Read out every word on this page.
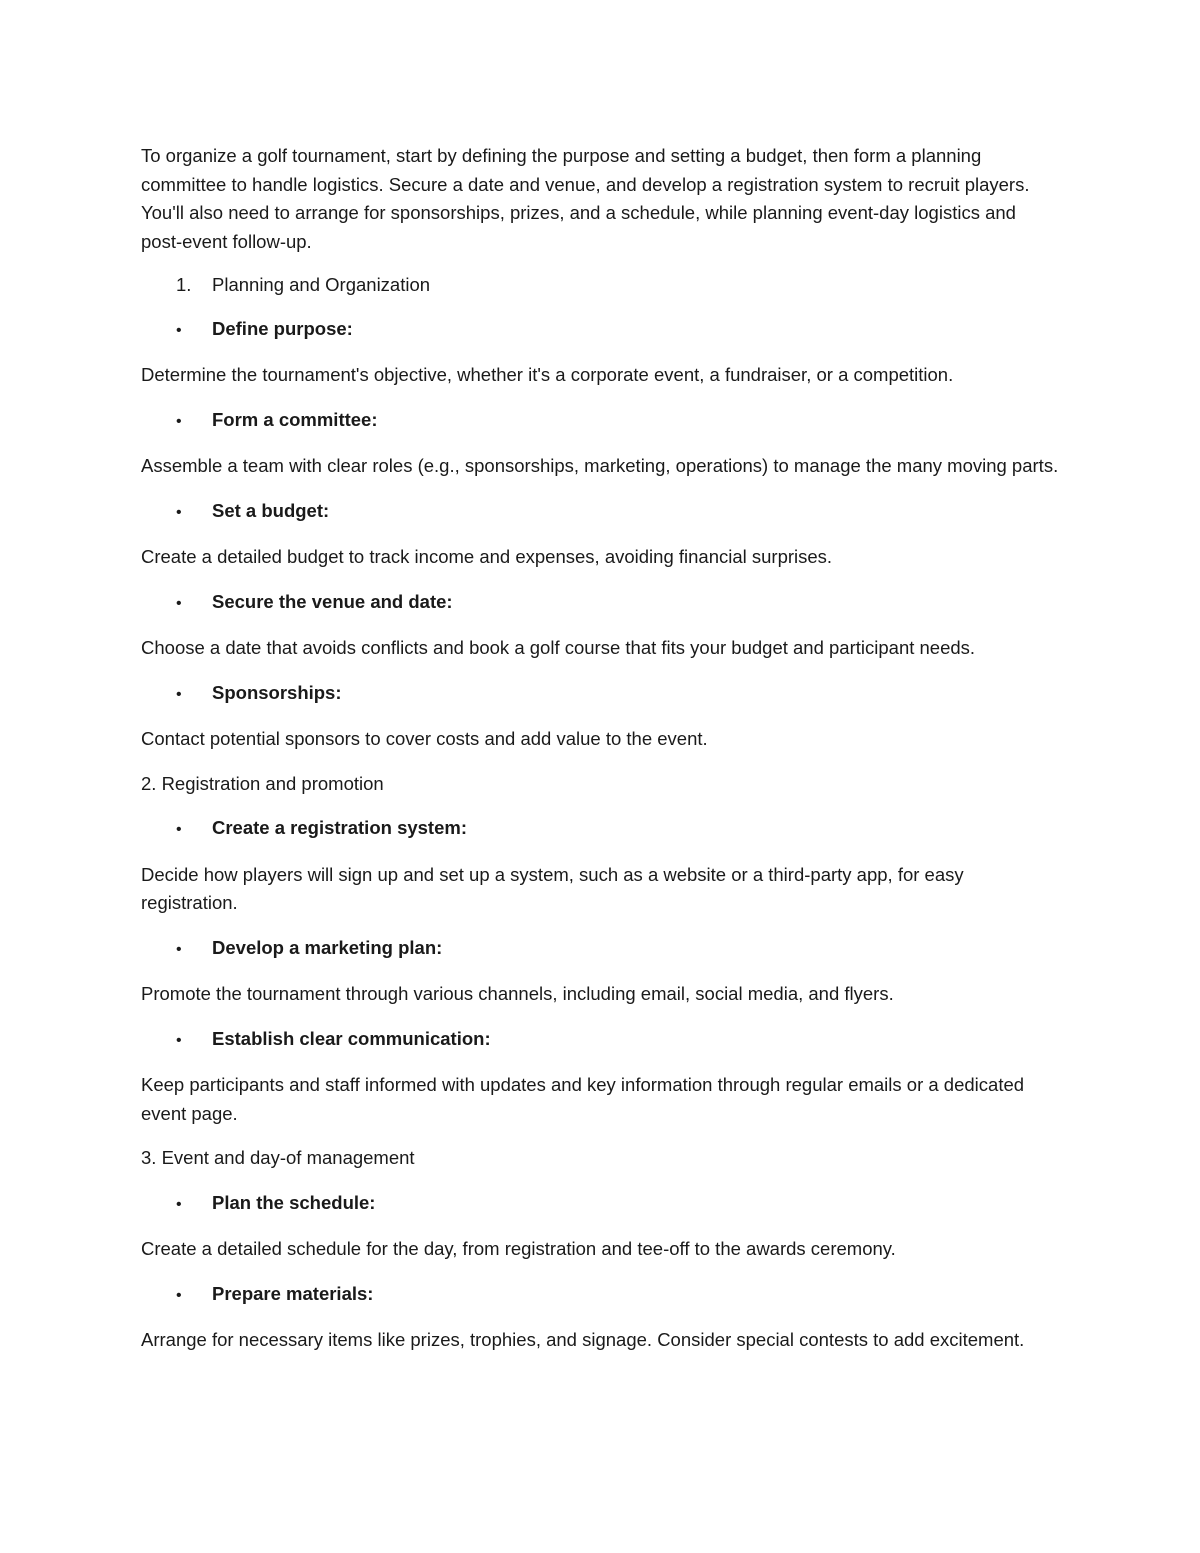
To organize a golf tournament, start by defining the purpose and setting a budget, then form a planning committee to handle logistics. Secure a date and venue, and develop a registration system to recruit players. You'll also need to arrange for sponsorships, prizes, and a schedule, while planning event-day logistics and post-event follow-up.

1.	Planning and Organization
•	Define purpose:

Determine the tournament's objective, whether it's a corporate event, a fundraiser, or a competition.

•	Form a committee:

Assemble a team with clear roles (e.g., sponsorships, marketing, operations) to manage the many moving parts.

•	Set a budget:

Create a detailed budget to track income and expenses, avoiding financial surprises.

•	Secure the venue and date:

Choose a date that avoids conflicts and book a golf course that fits your budget and participant needs.

•	Sponsorships:

Contact potential sponsors to cover costs and add value to the event.

2. Registration and promotion

•	Create a registration system:

Decide how players will sign up and set up a system, such as a website or a third-party app, for easy registration.

•	Develop a marketing plan:

Promote the tournament through various channels, including email, social media, and flyers.

•	Establish clear communication:

Keep participants and staff informed with updates and key information through regular emails or a dedicated event page.

3. Event and day-of management

•	Plan the schedule:

Create a detailed schedule for the day, from registration and tee-off to the awards ceremony.

•	Prepare materials:

Arrange for necessary items like prizes, trophies, and signage. Consider special contests to add excitement.
